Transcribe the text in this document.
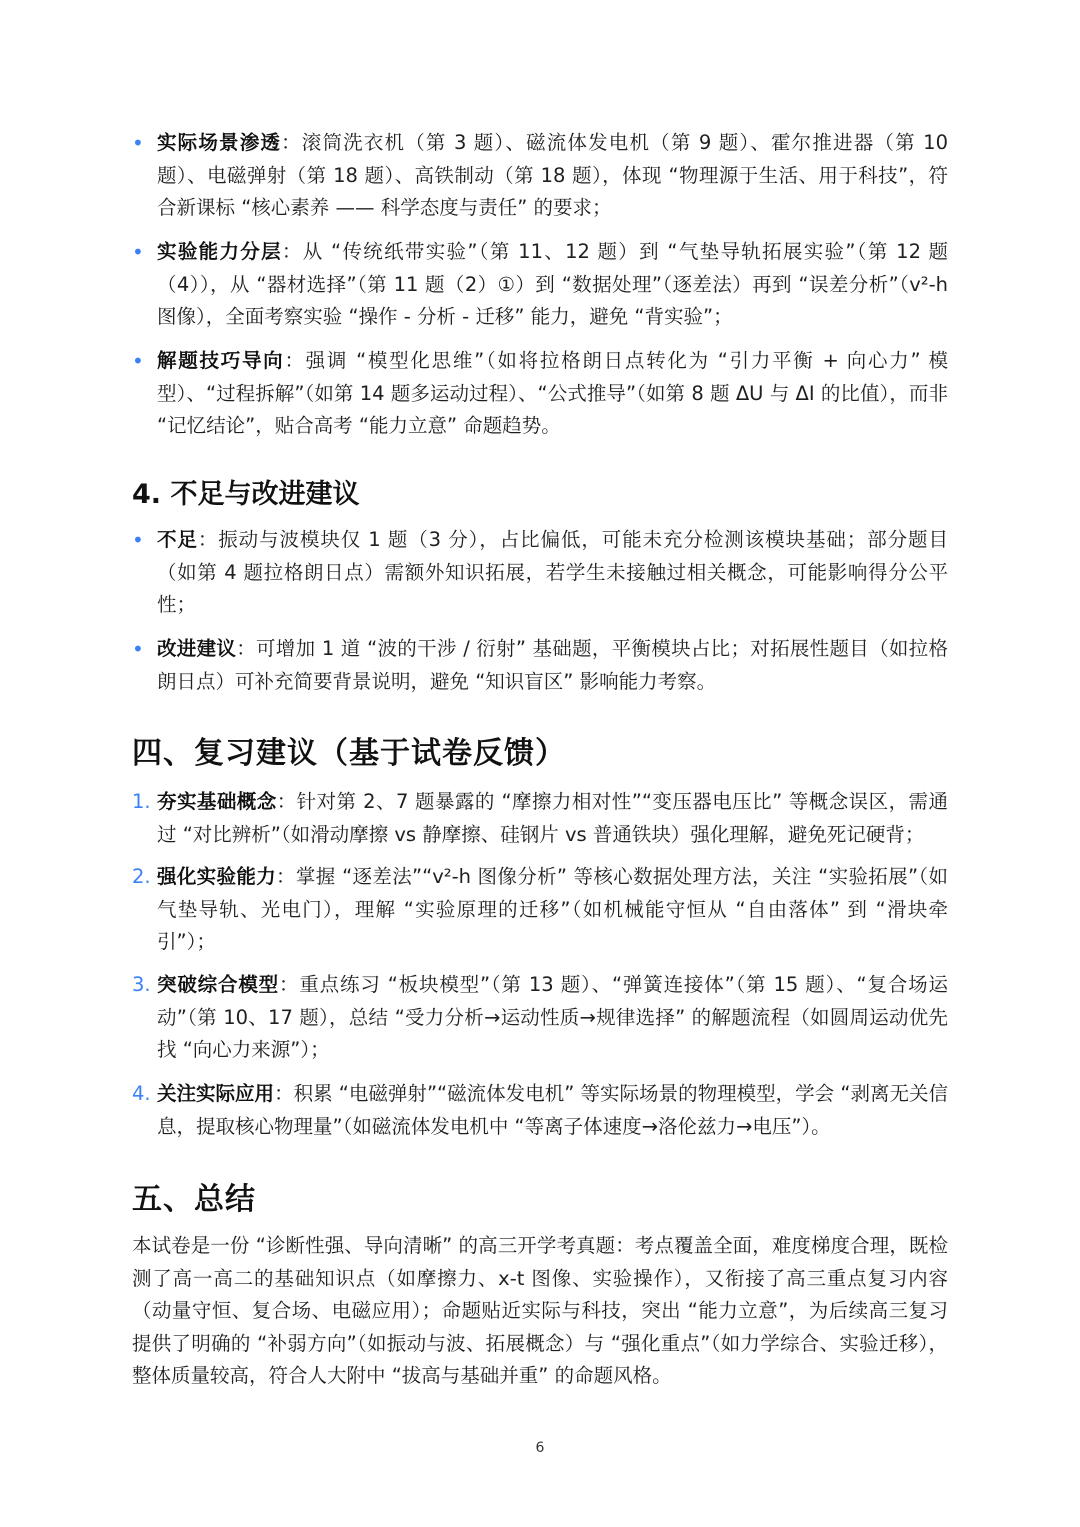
• 实际场景渗透：滚筒洗衣机（第 3 题）、磁流体发电机（第 9 题）、霍尔推进器（第 10 题）、电磁弹射（第 18 题）、高铁制动（第 18 题），体现 “物理源于生活、用于科技”，符合新课标 “核心素养 —— 科学态度与责任” 的要求；
• 实验能力分层：从 “传统纸带实验”（第 11、12 题）到 “气垫导轨拓展实验”（第 12 题（4）），从 “器材选择”（第 11 题（2）①）到 “数据处理”（逐差法）再到 “误差分析”（v²-h 图像），全面考察实验 “操作 - 分析 - 迁移” 能力，避免 “背实验”；
• 解题技巧导向：强调 “模型化思维”（如将拉格朗日点转化为 “引力平衡 + 向心力” 模型）、“过程拆解”（如第 14 题多运动过程）、“公式推导”（如第 8 题 ΔU 与 ΔI 的比值），而非 “记忆结论”，贴合高考 “能力立意” 命题趋势。
4. 不足与改进建议
• 不足：振动与波模块仅 1 题（3 分），占比偏低，可能未充分检测该模块基础；部分题目（如第 4 题拉格朗日点）需额外知识拓展，若学生未接触过相关概念，可能影响得分公平性；
• 改进建议：可增加 1 道 “波的干涉 / 衍射” 基础题，平衡模块占比；对拓展性题目（如拉格朗日点）可补充简要背景说明，避免 “知识盲区” 影响能力考察。
四、复习建议（基于试卷反馈）
1. 夯实基础概念：针对第 2、7 题暴露的 “摩擦力相对性”“变压器电压比” 等概念误区，需通过 “对比辨析”（如滑动摩擦 vs 静摩擦、硅钢片 vs 普通铁块）强化理解，避免死记硬背；
2. 强化实验能力：掌握 “逐差法”“v²-h 图像分析” 等核心数据处理方法，关注 “实验拓展”（如气垫导轨、光电门），理解 “实验原理的迁移”（如机械能守恒从 “自由落体” 到 “滑块牵引”）；
3. 突破综合模型：重点练习 “板块模型”（第 13 题）、“弹簧连接体”（第 15 题）、“复合场运动”（第 10、17 题），总结 “受力分析→运动性质→规律选择” 的解题流程（如圆周运动优先找 “向心力来源”）；
4. 关注实际应用：积累 “电磁弹射”“磁流体发电机” 等实际场景的物理模型，学会 “剥离无关信息，提取核心物理量”（如磁流体发电机中 “等离子体速度→洛伦兹力→电压”）。
五、总结

本试卷是一份 “诊断性强、导向清晰” 的高三开学考真题：考点覆盖全面，难度梯度合理，既检测了高一高二的基础知识点（如摩擦力、x-t 图像、实验操作），又衔接了高三重点复习内容（动量守恒、复合场、电磁应用）；命题贴近实际与科技，突出 “能力立意”，为后续高三复习提供了明确的 “补弱方向”（如振动与波、拓展概念）与 “强化重点”（如力学综合、实验迁移），整体质量较高，符合人大附中 “拔高与基础并重” 的命题风格。

6
